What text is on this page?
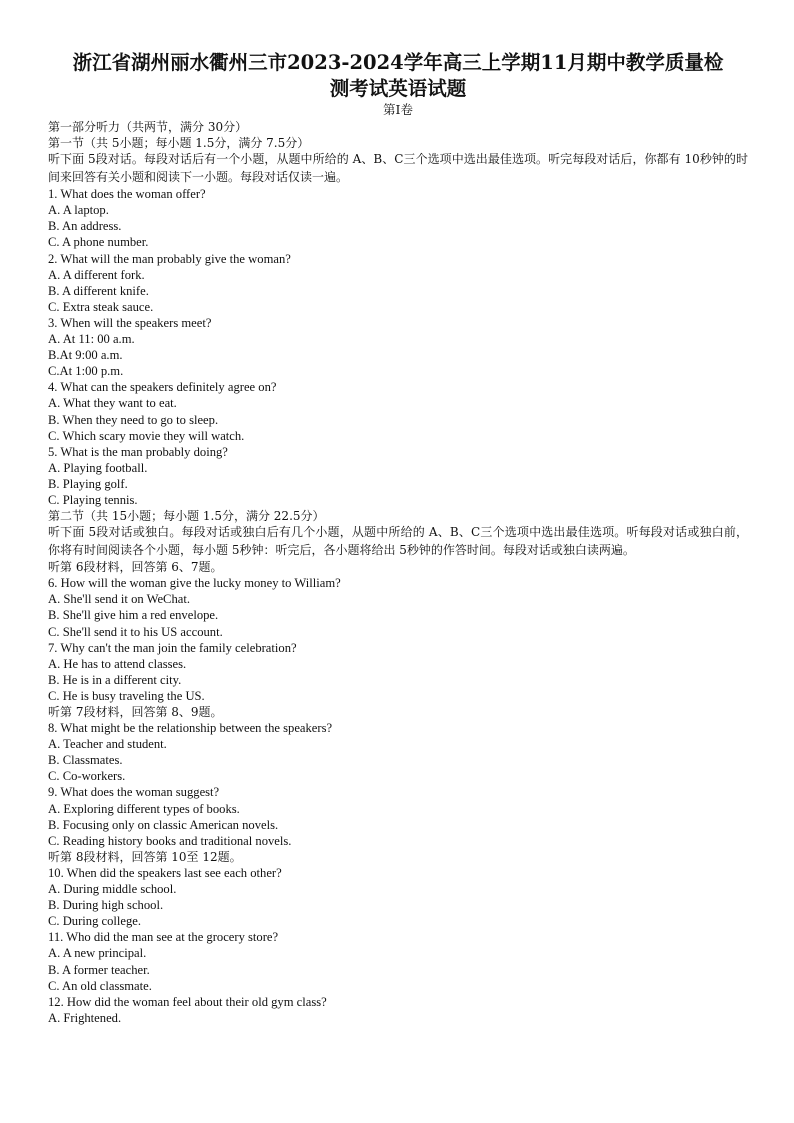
浙江省湖州丽水衢州三市2023-2024学年高三上学期11月期中教学质量检
测考试英语试题
第I卷
第一部分听力（共两节，满分 30分）
第一节（共 5小题；每小题 1.5分，满分 7.5分）
听下面 5段对话。每段对话后有一个小题，从题中所给的 A、B、C三个选项中选出最佳选项。听完每段对话后，你都有 10秒钟的时间来回答有关小题和阅读下一小题。每段对话仅读一遍。
1. What does the woman offer?
A. A laptop.
B. An address.
C. A phone number.
2. What will the man probably give the woman?
A. A different fork.
B. A different knife.
C. Extra steak sauce.
3. When will the speakers meet?
A. At 11: 00 a.m.
B.At 9:00 a.m.
C.At 1:00 p.m.
4. What can the speakers definitely agree on?
A. What they want to eat.
B. When they need to go to sleep.
C. Which scary movie they will watch.
5. What is the man probably doing?
A. Playing football.
B. Playing golf.
C. Playing tennis.
第二节（共 15小题；每小题 1.5分，满分 22.5分）
听下面 5段对话或独白。每段对话或独白后有几个小题，从题中所给的 A、B、C三个选项中选出最佳选项。听每段对话或独白前，你将有时间阅读各个小题，每小题 5秒钟：听完后，各小题将给出 5秒钟的作答时间。每段对话或独白读两遍。
听第 6段材料，回答第 6、7题。
6. How will the woman give the lucky money to William?
A. She'll send it on WeChat.
B. She'll give him a red envelope.
C. She'll send it to his US account.
7. Why can't the man join the family celebration?
A. He has to attend classes.
B. He is in a different city.
C. He is busy traveling the US.
听第 7段材料，回答第 8、9题。
8. What might be the relationship between the speakers?
A. Teacher and student.
B. Classmates.
C. Co-workers.
9. What does the woman suggest?
A. Exploring different types of books.
B. Focusing only on classic American novels.
C. Reading history books and traditional novels.
听第 8段材料，回答第 10至 12题。
10. When did the speakers last see each other?
A. During middle school.
B. During high school.
C. During college.
11. Who did the man see at the grocery store?
A. A new principal.
B. A former teacher.
C. An old classmate.
12. How did the woman feel about their old gym class?
A. Frightened.
